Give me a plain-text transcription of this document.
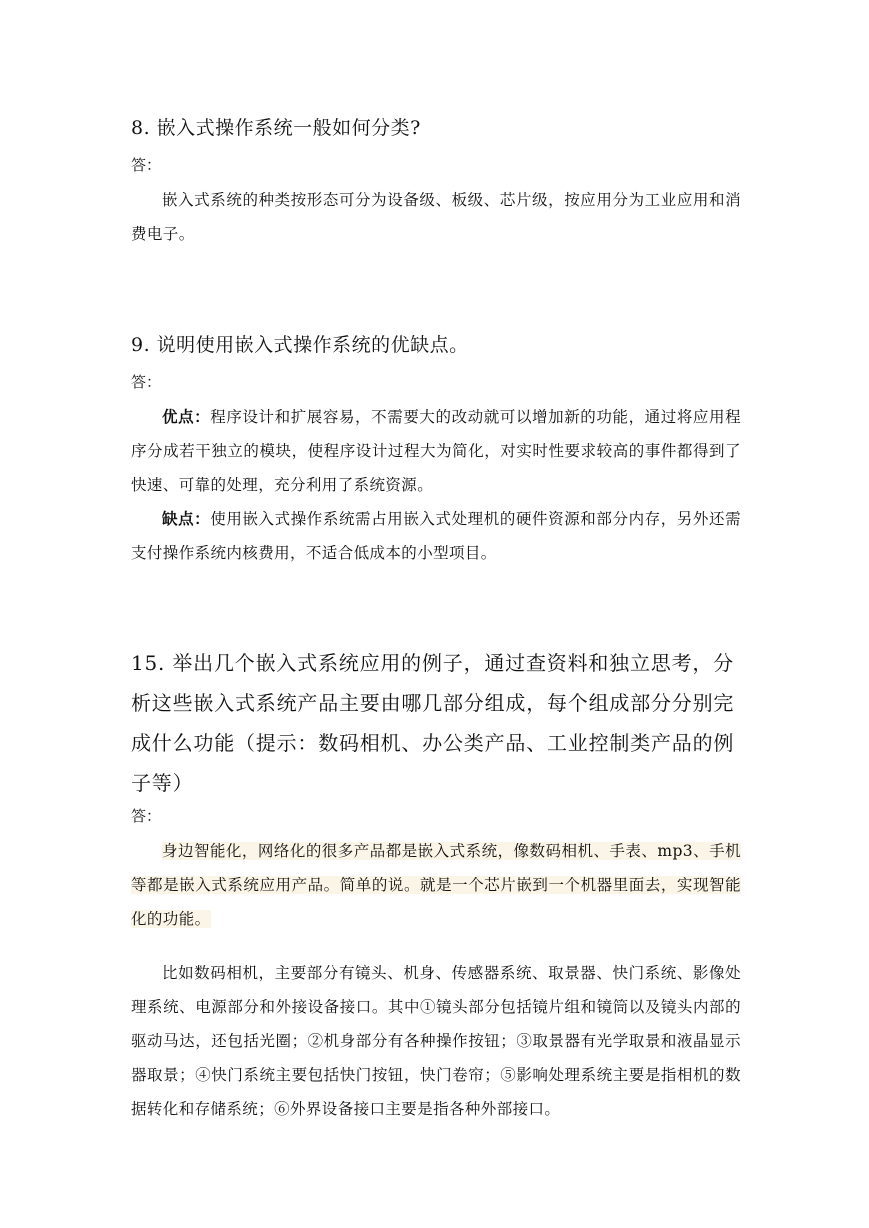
8. 嵌入式操作系统一般如何分类?

答：

嵌入式系统的种类按形态可分为设备级、板级、芯片级，按应用分为工业应用和消费电子。

9. 说明使用嵌入式操作系统的优缺点。

答：

优点：程序设计和扩展容易，不需要大的改动就可以增加新的功能，通过将应用程序分成若干独立的模块，使程序设计过程大为简化，对实时性要求较高的事件都得到了快速、可靠的处理，充分利用了系统资源。

缺点：使用嵌入式操作系统需占用嵌入式处理机的硬件资源和部分内存，另外还需支付操作系统内核费用，不适合低成本的小型项目。

15. 举出几个嵌入式系统应用的例子，通过查资料和独立思考，分析这些嵌入式系统产品主要由哪几部分组成，每个组成部分分别完成什么功能（提示：数码相机、办公类产品、工业控制类产品的例子等）

答：

身边智能化，网络化的很多产品都是嵌入式系统，像数码相机、手表、mp3、手机等都是嵌入式系统应用产品。简单的说。就是一个芯片嵌到一个机器里面去，实现智能化的功能。

比如数码相机，主要部分有镜头、机身、传感器系统、取景器、快门系统、影像处理系统、电源部分和外接设备接口。其中①镜头部分包括镜片组和镜筒以及镜头内部的驱动马达，还包括光圈；②机身部分有各种操作按钮；③取景器有光学取景和液晶显示器取景；④快门系统主要包括快门按钮，快门卷帘；⑤影响处理系统主要是指相机的数据转化和存储系统；⑥外界设备接口主要是指各种外部接口。
